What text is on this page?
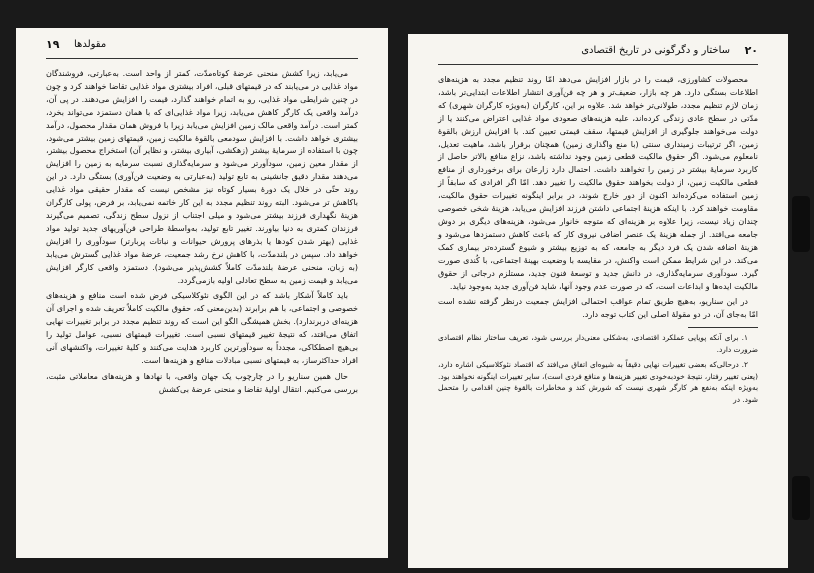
مقولدها
۱۹

می‌یابد، زیرا کشش منحنی عرضهٔ کوتاه‌مدّت، کمتر از واحد است. به‌عبارتی، فروشندگان مواد غذایی در می‌یابند که در قیمتهای قبلی، افراد بیشتری مواد غذایی تقاضا خواهند کرد و چون در چنین شرایطی مواد غذایی، رو به اتمام خواهند گذارد، قیمت را افزایش می‌دهند. در پی آن، درآمد واقعی یک کارگر کاهش می‌یابد، زیرا مواد غذایی‌ای که با همان دستمزد می‌تواند بخرد، کمتر است. درآمد واقعی مالک زمین افزایش می‌یابد زیرا با فروش همان مقدار محصول، درآمد بیشتری خواهد داشت. با افزایش سودمعی بالقوهٔ مالکیت زمین، قیمتهای زمین بیشتر می‌شود، چون با استفاده از سرمایهٔ بیشتر (زهکشی، آبیاری بیشتر، و نظایر آن) استخراج محصول بیشتر، از مقدار معین زمین، سودآورتر می‌شود و سرمایه‌گذاری نسبت سرمایه به زمین را افزایش می‌دهند مقدار دقیق جانشینی به تابع تولید (به‌عبارتی به وضعیت فن‌آوری) بستگی دارد. در این روند حتّی در خلال یک دورهٔ بسیار کوتاه نیز مشخص نیست که مقدار حقیقی مواد غذایی باکاهش تر می‌شود. البته روند تنظیم مجدد به این کار خاتمه نمی‌یابد، بر فرض، پولی کارگران هزینهٔ نگهداری فرزند بیشتر می‌شود و میلی اجتناب از نزول سطح زندگی، تصمیم می‌گیرند فرزندان کمتری به دنیا بیاورند. تغییر تابع تولید، به‌واسطهٔ طراحی فن‌آوریهای جدید تولید مواد غذایی (بهتر شدن کودها یا بذرهای پرورش حیوانات و نباتات پربارتر) سودآوری را افزایش خواهد داد. سپس در بلندمدّت، با کاهش نرخ رشد جمعیت، عرضهٔ مواد غذایی گسترش می‌یابد (به زبان، منحنی عرضهٔ بلندمدّت کاملاً کشش‌پذیر می‌شود). دستمزد واقعی کارگر افزایش می‌یابد و قیمت زمین به سطح تعادلی اولیه بازمی‌گردد.

باید کاملاً آشکار باشد که در این الگوی نئوکلاسیکی فرض شده است منافع و هزینه‌های خصوصی و اجتماعی، با هم برابرند (بدین‌معنی که، حقوق مالکیت کاملاً تعریف شده و اجرای آن هزینه‌ای دربرندارد). بخش همیشگی الگو این است که روند تنظیم مجدد در برابر تغییرات نهایی اتفاق می‌افتد، که نتیجهٔ تغییر قیمتهای نسبی است. تغییرات قیمتهای نسبی، عوامل تولید را بی‌هیچ اصطکاکی، مجدداً به سودآورترین کاربرد هدایت می‌کنند و کلیهٔ تغییرات، واکنشهای آنی افراد حداکثرساز، به قیمتهای نسبی مبادلات منافع و هزینه‌ها است.

حال همین سناریو را در چارچوب یک جهان واقعی، با نهادها و هزینه‌های معاملاتی مثبت، بررسی می‌کنیم. انتقال اولیهٔ تقاضا و منحنی عرضهٔ بی‌کشش

۲۰
ساختار و دگرگونی در تاریخ اقتصادی

محصولات کشاورزی، قیمت را در بازار افزایش می‌دهد امّا روند تنظیم مجدد به هزینه‌های اطلاعات بستگی دارد. هر چه بازار، ضعیف‌تر و هر چه فن‌آوری انتشار اطلاعات ابتدایی‌تر باشد، زمان لازم تنظیم مجدد، طولانی‌تر خواهد شد. علاوه بر این، کارگران (به‌ویژه کارگران شهری) که مدّتی در سطح عادی زندگی کرده‌اند، علیه هزینه‌های صعودی مواد غذایی اعتراض می‌کنند یا از دولت می‌خواهند جلوگیری از افزایش قیمتها، سقف قیمتی تعیین کند. با افزایش ارزش بالقوهٔ زمین، اگر ترتیبات زمینداری سنتی (با منع واگذاری زمین) همچنان برقرار باشد، ماهیت تعدیل، نامعلوم می‌شود. اگر حقوق مالکیت قطعی زمین وجود نداشته باشد، نزاع منافع بالاتر حاصل از کاربرد سرمایهٔ بیشتر در زمین را تخواهند داشت. احتمال دارد زارعان برای برخورداری از منافع قطعی مالکیت زمین، از دولت بخواهند حقوق مالکیت را تغییر دهد. امّا اگر افرادی که سابقاً از زمین استفاده می‌کرده‌اند اکنون از دور خارج شوند، در برابر اینگونه تغییرات حقوق مالکیت، مقاومت خواهند کرد. با اینکه هزینهٔ اجتماعی داشتن فرزند افزایش می‌یابد، هزینهٔ شخی خصوصی چندان زیاد نیست، زیرا علاوه بر هزینه‌ای که متوجه خانوار می‌شود، هزینه‌های دیگری بر دوش جامعه می‌افتد. از جمله هزینهٔ یک عنصر اضافی نیروی کار که باعث کاهش دستمزدها می‌شود و هزینهٔ اضافه شدن یک فرد دیگر به جامعه، که به توزیع بیشتر و شیوع گسترده‌تر بیماری کمک می‌کند. در این شرایط ممکن است واکنش، در مقایسه با وضعیت بهینهٔ اجتماعی، با کُندی صورت گیرد. سودآوری سرمایه‌گذاری، در دانش جدید و توسعهٔ فنون جدید، مستلزم درجاتی از حقوق مالکیت ایده‌ها و ابداعات است، که در صورت عدم وجود آنها، شاید فن‌آوری جدید به‌وجود نیاید.

در این سناریو، به‌هیچ طریق تمام عواقب احتمالی افزایش جمعیت درنظر گرفته نشده است امّا به‌جای آن، در دو مقولهٔ اصلی این کتاب توجه دارد.

۱. برای آنکه پویایی عملکرد اقتصادی، به‌شکلی معنی‌دار بررسی شود، تعریف ساختار نظام اقتصادی ضرورت دارد.

۲. درحالی‌که بعضی تغییرات نهایی دقیقاً به شیوه‌ای اتفاق می‌افتد که اقتصاد نئوکلاسیکی اشاره دارد، (یعنی تغییر رفتار، نتیجهٔ خودبه‌خودی تغییر هزینه‌ها و منافع فردی است)، سایر تغییرات اینگونه نخواهند بود. به‌ویژه اینکه به‌نفع هر کارگر شهری نیست که شورش کند و مخاطرات بالقوهٔ چنین اقدامی را متحمل شود. در
